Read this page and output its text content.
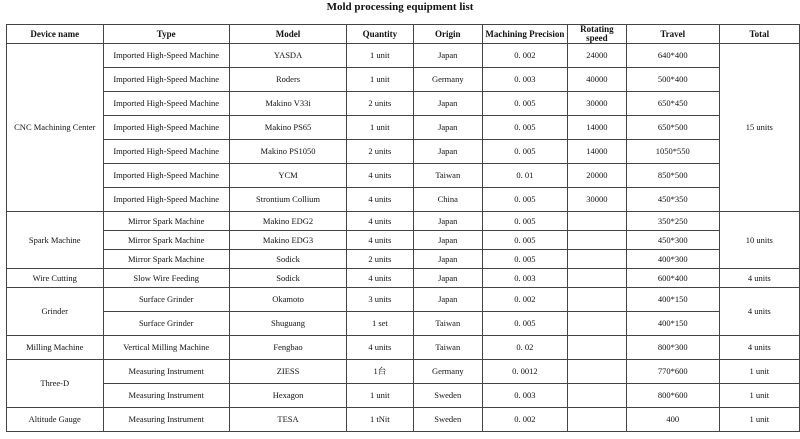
Mold processing equipment list
Device name	Type	Model	Quantity	Origin	Machining Precision	Rotating speed	Travel	Total
CNC Machining Center	Imported High-Speed Machine	YASDA	1 unit	Japan	0. 002	24000	640*400	15 units
	Imported High-Speed Machine	Roders	1 unit	Germany	0. 003	40000	500*400	
	Imported High-Speed Machine	Makino V33i	2 units	Japan	0. 005	30000	650*450	
	Imported High-Speed Machine	Makino PS65	1 unit	Japan	0. 005	14000	650*500	
	Imported High-Speed Machine	Makino PS1050	2 units	Japan	0. 005	14000	1050*550	
	Imported High-Speed Machine	YCM	4 units	Taiwan	0. 01	20000	850*500	
	Imported High-Speed Machine	Strontium Collium	4 units	China	0. 005	30000	450*350	
Spark Machine	Mirror Spark Machine	Makino EDG2	4 units	Japan	0. 005		350*250	10 units
	Mirror Spark Machine	Makino EDG3	4 units	Japan	0. 005		450*300	
	Mirror Spark Machine	Sodick	2 units	Japan	0. 005		400*300	
Wire Cutting	Slow Wire Feeding	Sodick	4 units	Japan	0. 003		600*400	4 units
Grinder	Surface Grinder	Okamoto	3 units	Japan	0. 002		400*150	4 units
	Surface Grinder	Shuguang	1 set	Taiwan	0. 005		400*150	
Milling Machine	Vertical Milling Machine	Fengbao	4 units	Taiwan	0. 02		800*300	4 units
Three-D	Measuring Instrument	ZIESS	1台	Germany	0. 0012		770*600	1 unit
	Measuring Instrument	Hexagon	1 unit	Sweden	0. 003		800*600	1 unit
Altitude Gauge	Measuring Instrument	TESA	1 tNit	Sweden	0. 002		400	1 unit
